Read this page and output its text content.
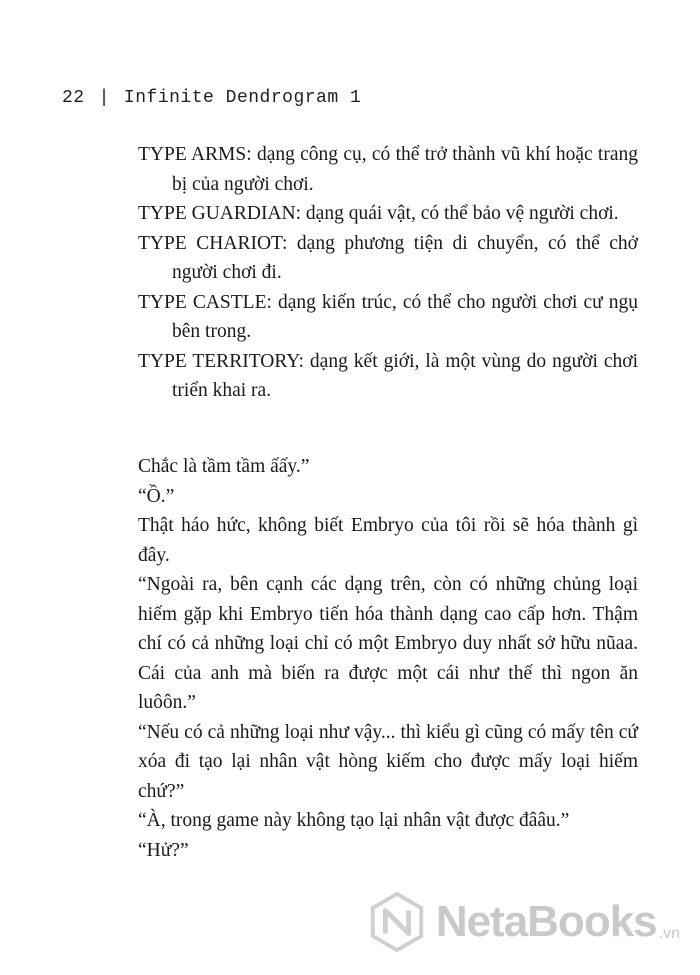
22 | Infinite Dendrogram 1

TYPE ARMS: dạng công cụ, có thể trở thành vũ khí hoặc trang bị của người chơi.

TYPE GUARDIAN: dạng quái vật, có thể bảo vệ người chơi.

TYPE CHARIOT: dạng phương tiện di chuyển, có thể chở người chơi đi.

TYPE CASTLE: dạng kiến trúc, có thể cho người chơi cư ngụ bên trong.

TYPE TERRITORY: dạng kết giới, là một vùng do người chơi triển khai ra.

Chắc là tầm tầm ấấy.”

“Ồ.”

Thật háo hức, không biết Embryo của tôi rồi sẽ hóa thành gì đây.

“Ngoài ra, bên cạnh các dạng trên, còn có những chủng loại hiếm gặp khi Embryo tiến hóa thành dạng cao cấp hơn. Thậm chí có cả những loại chỉ có một Embryo duy nhất sở hữu nũaa. Cái của anh mà biến ra được một cái như thế thì ngon ăn luôôn.”

“Nếu có cả những loại như vậy... thì kiểu gì cũng có mấy tên cứ xóa đi tạo lại nhân vật hòng kiếm cho được mấy loại hiếm chứ?”

“À, trong game này không tạo lại nhân vật được đââu.”

“Hử?”

NetaBooks .vn
